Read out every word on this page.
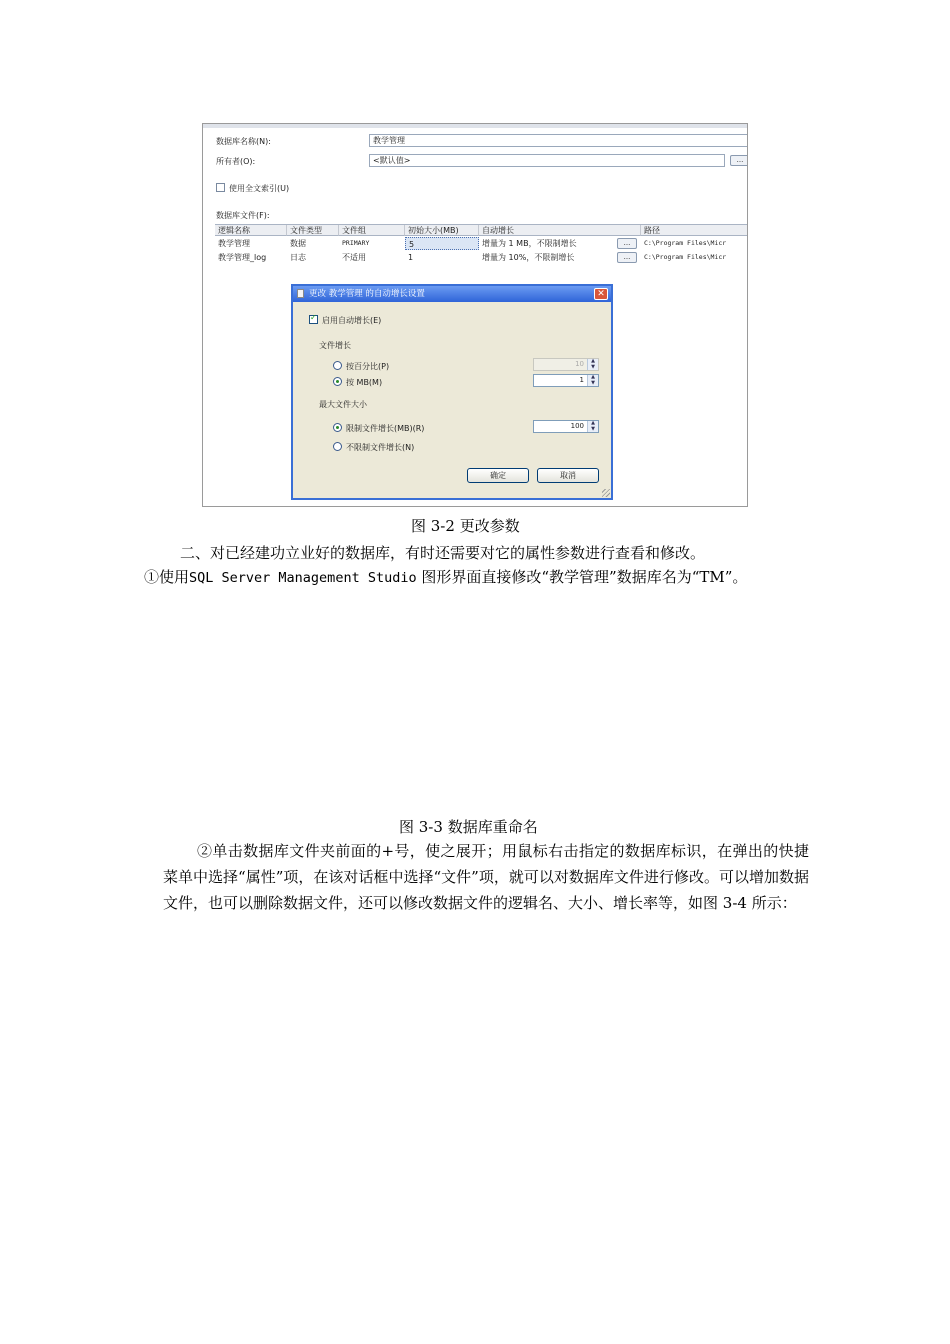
数据库名称(N):	教学管理
所有者(O):	<默认值>	...
使用全文索引(U)
数据库文件(F):
逻辑名称	文件类型	文件组	初始大小(MB)	自动增长	路径
教学管理	数据	PRIMARY	5	增量为 1 MB，不限制增长	...	C:\Program Files\Micr
教学管理_log	日志	不适用	1	增量为 10%，不限制增长	...	C:\Program Files\Micr
更改 教学管理 的自动增长设置	✕
✓ 启用自动增长(E)
文件增长
按百分比(P)	10	▲
▼
按 MB(M)	1	▲
▼
最大文件大小
限制文件增长(MB)(R)	100	▲
▼
不限制文件增长(N)
确定	取消
图 3-2 更改参数
二、对已经建功立业好的数据库，有时还需要对它的属性参数进行查看和修改。
①使用SQL Server Management Studio 图形界面直接修改“教学管理”数据库名为“TM”。
图 3-3 数据库重命名
②单击数据库文件夹前面的+号，使之展开；用鼠标右击指定的数据库标识，在弹出的快捷菜单中选择“属性”项，在该对话框中选择“文件”项，就可以对数据库文件进行修改。可以增加数据文件，也可以删除数据文件，还可以修改数据文件的逻辑名、大小、增长率等，如图 3-4 所示：
